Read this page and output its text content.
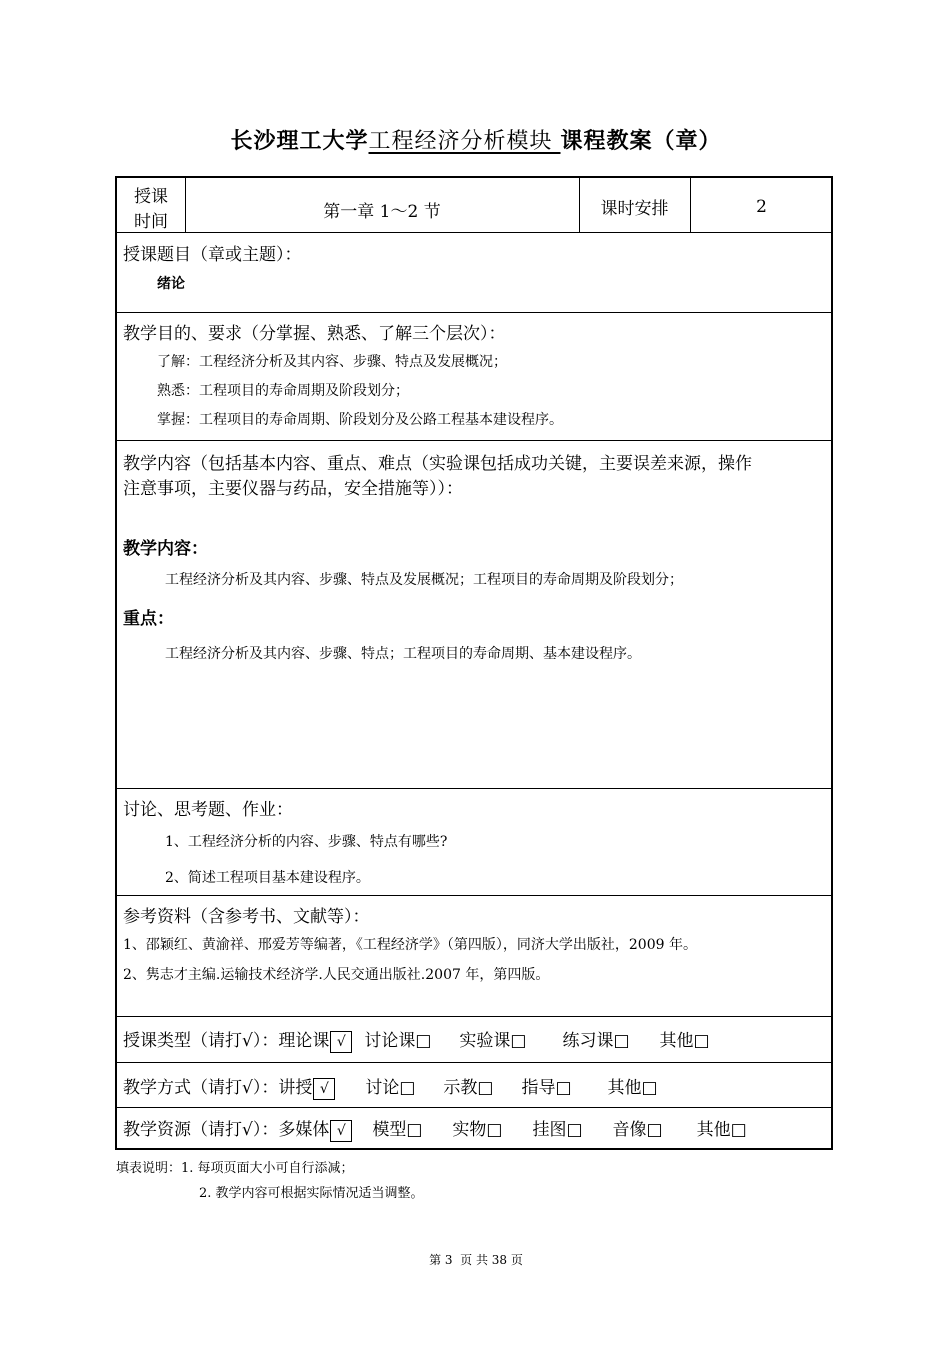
长沙理工大学工程经济分析模块 课程教案（章）
授课
时间	第一章 1～2 节	课时安排	2
授课题目（章或主题）：
绪论
教学目的、要求（分掌握、熟悉、了解三个层次）：
了解：工程经济分析及其内容、步骤、特点及发展概况；
熟悉：工程项目的寿命周期及阶段划分；
掌握：工程项目的寿命周期、阶段划分及公路工程基本建设程序。
教学内容（包括基本内容、重点、难点（实验课包括成功关键，主要误差来源，操作
注意事项，主要仪器与药品，安全措施等））：
教学内容：
工程经济分析及其内容、步骤、特点及发展概况；工程项目的寿命周期及阶段划分；
重点：
工程经济分析及其内容、步骤、特点；工程项目的寿命周期、基本建设程序。
讨论、思考题、作业：
1、工程经济分析的内容、步骤、特点有哪些?
2、简述工程项目基本建设程序。
参考资料（含参考书、文献等）：
1、邵颖红、黄渝祥、邢爱芳等编著，《工程经济学》（第四版），同济大学出版社，2009 年。
2、隽志才主编.运输技术经济学.人民交通出版社.2007 年，第四版。
授课类型（请打√）：理论课 √ 讨论课□ 实验课□ 练习课□ 其他□
教学方式（请打√）：讲授 √ 讨论□ 示教□ 指导□ 其他□
教学资源（请打√）：多媒体 √ 模型□ 实物□ 挂图□ 音像□ 其他□
填表说明：1. 每项页面大小可自行添减；
2. 教学内容可根据实际情况适当调整。
第 3  页 共 38 页
